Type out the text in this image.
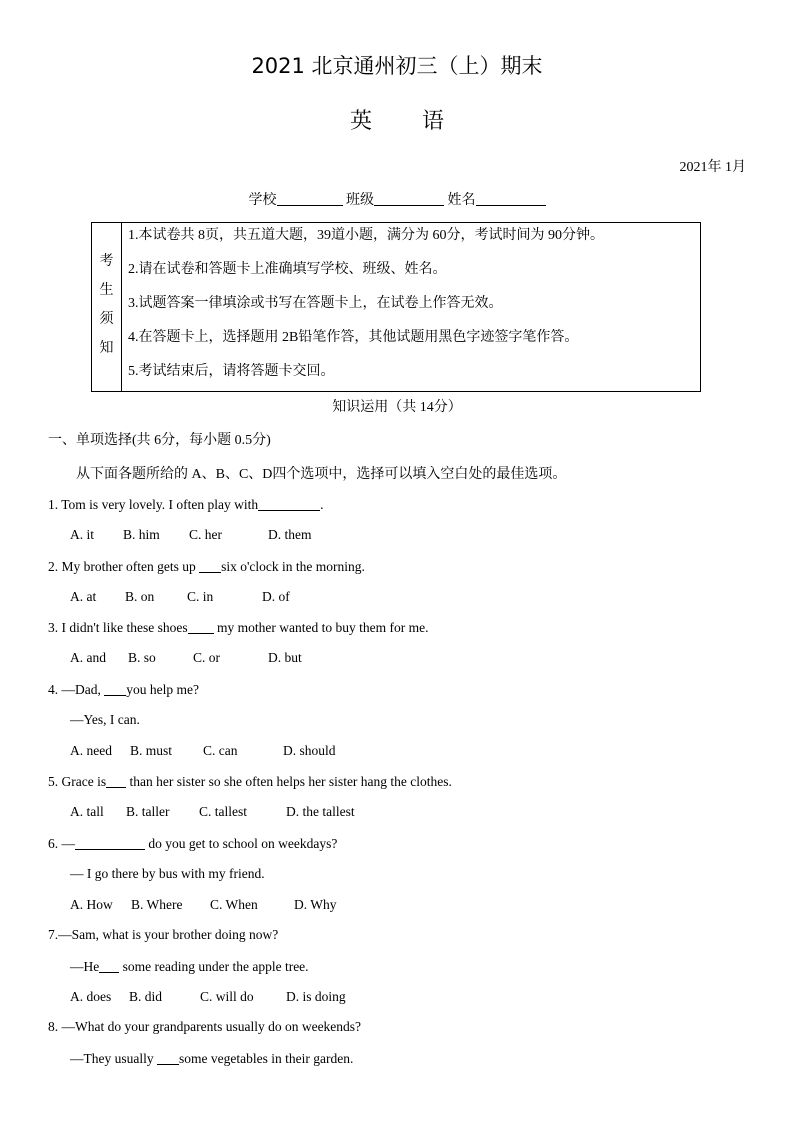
2021 北京通州初三（上）期末
英 语
2021年 1月
学校	班级	姓名
考
生
须
知
1.本试卷共 8页，共五道大题，39道小题，满分为 60分，考试时间为 90分钟。
2.请在试卷和答题卡上准确填写学校、班级、姓名。
3.试题答案一律填涂或书写在答题卡上，在试卷上作答无效。
4.在答题卡上，选择题用 2B铅笔作答，其他试题用黑色字迹签字笔作答。
5.考试结束后，请将答题卡交回。
知识运用（共 14分）
一、单项选择(共 6分，每小题 0.5分)
从下面各题所给的 A、B、C、D四个选项中，选择可以填入空白处的最佳选项。
1. Tom is very lovely. I often play with	.
A. it B. him C. her	D. them
2. My brother often gets up six o'clock in the morning.
A. at B. on C. in	D. of
3. I didn't like these shoes my mother wanted to buy them for me.
A. and B. so	C. or	D. but
4. —Dad, you help me?
—Yes, I can.
A. need B. must C. can	D. should
5. Grace is than her sister so she often helps her sister hang the clothes.
A. tall B. taller C. tallest	D. the tallest
6. —	do you get to school on weekdays?
— I go there by bus with my friend.
A. How B. Where C. When	D. Why
7.—Sam, what is your brother doing now?
—He some reading under the apple tree.
A. does B. did	C. will do D. is doing
8. —What do your grandparents usually do on weekends?
—They usually some vegetables in their garden.
